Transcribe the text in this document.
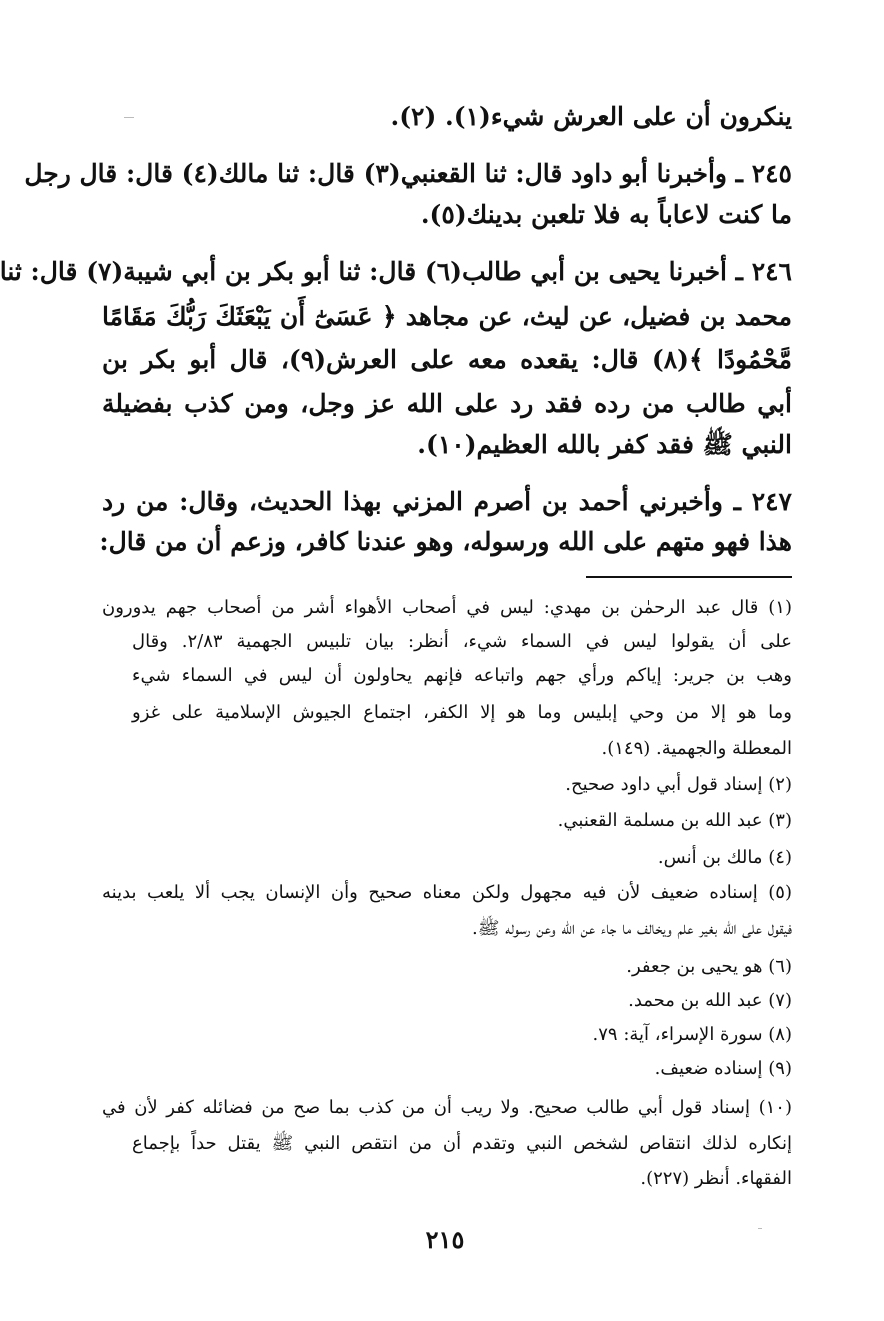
ينكرون أن على العرش شيء(١). (٢).
٢٤٥ ـ وأخبرنا أبو داود قال: ثنا القعنبي(٣) قال: ثنا مالك(٤) قال: قال رجل
ما كنت لاعاباً به فلا تلعبن بدينك(٥).
٢٤٦ ـ أخبرنا يحيى بن أبي طالب(٦) قال: ثنا أبو بكر بن أبي شيبة(٧) قال: ثنا
محمد بن فضيل، عن ليث، عن مجاهد ﴿ عَسَىٰٓ أَن يَبْعَثَكَ رَبُّكَ مَقَامًا
مَّحْمُودًا ﴾(٨) قال: يقعده معه على العرش(٩)، قال أبو بكر بن
أبي طالب من رده فقد رد على الله عز وجل، ومن كذب بفضيلة
النبي ﷺ فقد كفر بالله العظيم(١٠).
٢٤٧ ـ وأخبرني أحمد بن أصرم المزني بهذا الحديث، وقال: من رد
هذا فهو متهم على الله ورسوله، وهو عندنا كافر، وزعم أن من قال:
(١) قال عبد الرحمٰن بن مهدي: ليس في أصحاب الأهواء أشر من أصحاب جهم يدورون
على أن يقولوا ليس في السماء شيء، أنظر: بيان تلبيس الجهمية ٢/٨٣. وقال
وهب بن جرير: إياكم ورأي جهم واتباعه فإنهم يحاولون أن ليس في السماء شيء
وما هو إلا من وحي إبليس وما هو إلا الكفر، اجتماع الجيوش الإسلامية على غزو
المعطلة والجهمية. (١٤٩).
(٢) إسناد قول أبي داود صحيح.
(٣) عبد الله بن مسلمة القعنبي.
(٤) مالك بن أنس.
(٥) إسناده ضعيف لأن فيه مجهول ولكن معناه صحيح وأن الإنسان يجب ألا يلعب بدينه
فيقول على الله بغير علم ويخالف ما جاء عن الله وعن رسوله ﷺ.
(٦) هو يحيى بن جعفر.
(٧) عبد الله بن محمد.
(٨) سورة الإسراء، آية: ٧٩.
(٩) إسناده ضعيف.
(١٠) إسناد قول أبي طالب صحيح. ولا ريب أن من كذب بما صح من فضائله كفر لأن في
إنكاره لذلك انتقاص لشخص النبي وتقدم أن من انتقص النبي ﷺ يقتل حداً بإجماع
الفقهاء. أنظر (٢٢٧).
٢١٥
